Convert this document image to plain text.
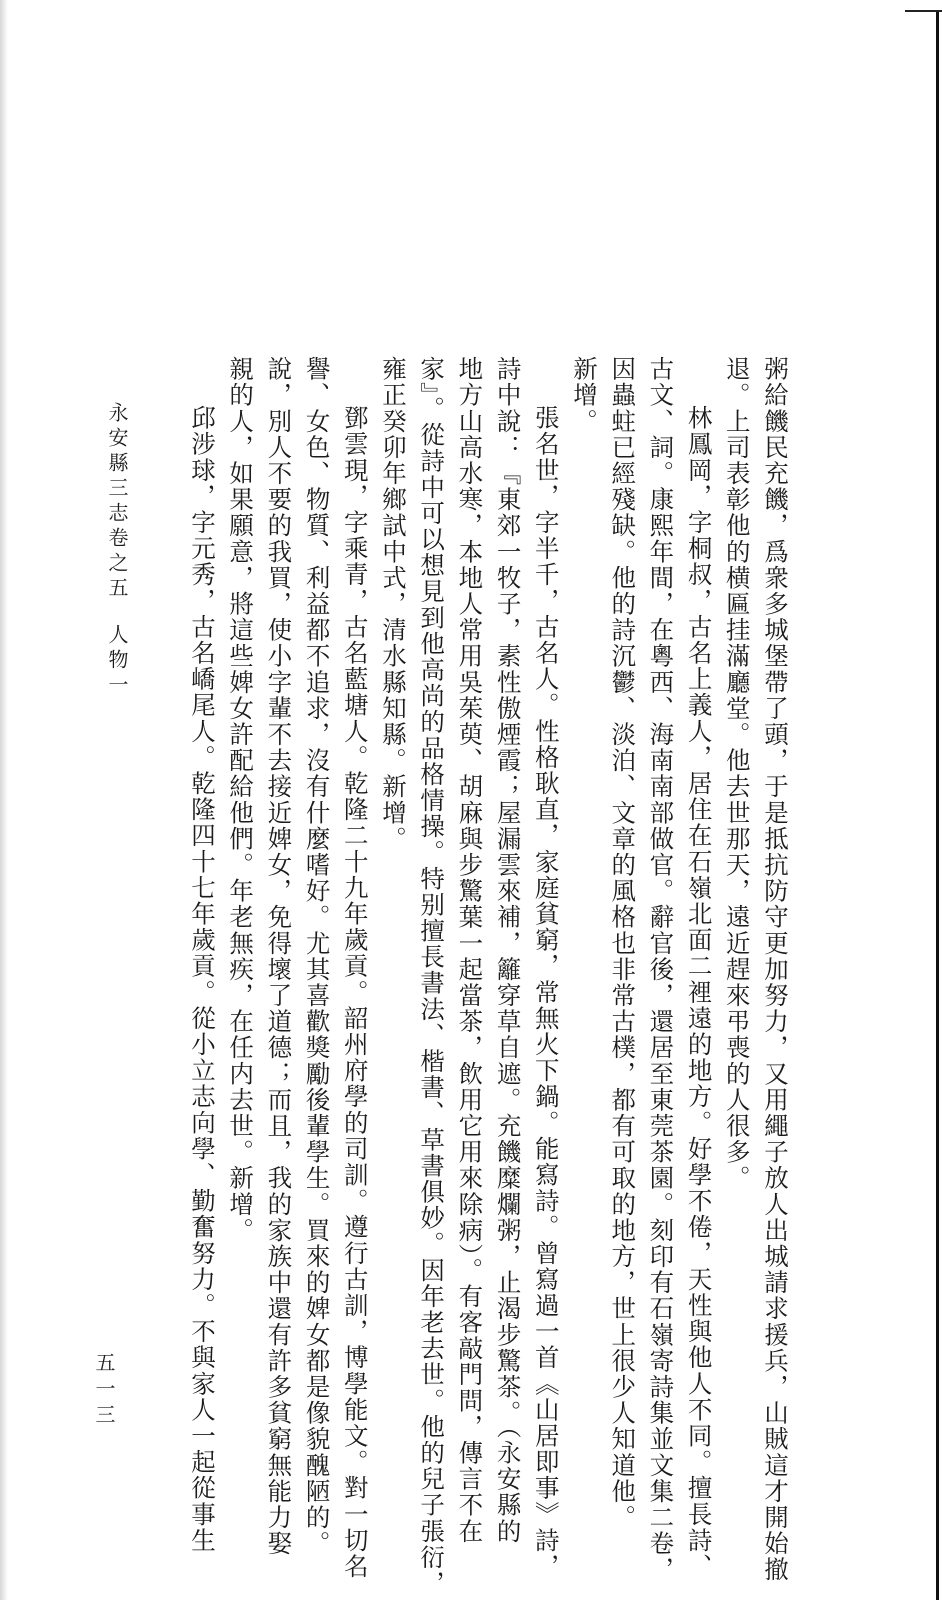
粥給饑民充饑，爲衆多城堡帶了頭，于是抵抗防守更加努力，又用繩子放人出城請求援兵，山賊這才開始撤

退。上司表彰他的横匾挂滿廳堂。他去世那天，遠近趕來弔喪的人很多。

林鳳岡，字桐叔，古名上義人，居住在石嶺北面二裡遠的地方。好學不倦，天性與他人不同。擅長詩、

古文、詞。康熙年間，在粵西、海南南部做官。辭官後，還居至東莞茶園。刻印有石嶺寄詩集並文集二卷，

因蟲蛀已經殘缺。他的詩沉鬱、淡泊、文章的風格也非常古樸，都有可取的地方，世上很少人知道他。

新增。

張名世，字半千，古名人。性格耿直，家庭貧窮，常無火下鍋。能寫詩。曾寫過一首《山居即事》詩，

詩中說：『東郊一牧子，素性傲煙霞；屋漏雲來補，籬穿草自遮。充饑糜爛粥，止渴步驚茶。（永安縣的

地方山高水寒，本地人常用吳茱萸、胡麻與步驚葉一起當茶，飲用它用來除病）。有客敲門問，傳言不在

家』。從詩中可以想見到他高尚的品格情操。特别擅長書法、楷書、草書俱妙。因年老去世。他的兒子張衍，

雍正癸卯年鄉試中式，清水縣知縣。新增。

鄧雲現，字乘青，古名藍塘人。乾隆二十九年歲貢。韶州府學的司訓。遵行古訓，博學能文。對一切名

譽、女色、物質、利益都不追求，沒有什麼嗜好。尤其喜歡獎勵後輩學生。買來的婢女都是像貌醜陋的。

說，別人不要的我買，使小字輩不去接近婢女，免得壞了道德；而且，我的家族中還有許多貧窮無能力娶

親的人，如果願意，將這些婢女許配給他們。年老無疾，在任内去世。新增。

邱涉球，字元秀，古名嶠尾人。乾隆四十七年歲貢。從小立志向學、勤奮努力。不與家人一起從事生

永安縣三志卷之五人物一
五一三
